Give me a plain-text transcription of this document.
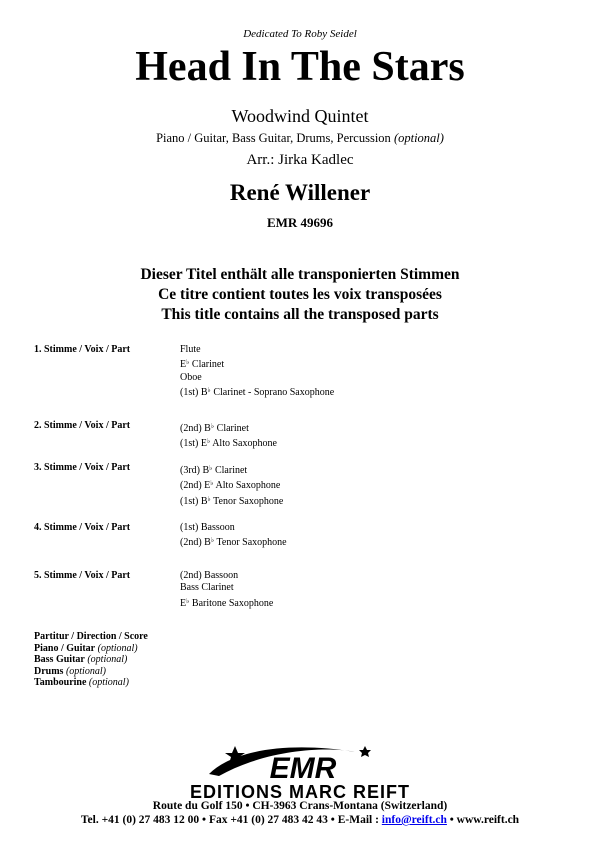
Dedicated To Roby Seidel
Head In The Stars
Woodwind Quintet
Piano / Guitar, Bass Guitar, Drums, Percussion (optional)
Arr.: Jirka Kadlec
René Willener
EMR 49696
Dieser Titel enthält alle transponierten Stimmen
Ce titre contient toutes les voix transposées
This title contains all the transposed parts
1. Stimme / Voix / Part	Flute
E♭ Clarinet
Oboe
(1st) B♭ Clarinet - Soprano Saxophone
2. Stimme / Voix / Part	(2nd) B♭ Clarinet
(1st) E♭ Alto Saxophone
3. Stimme / Voix / Part	(3rd) B♭ Clarinet
(2nd) E♭ Alto Saxophone
(1st) B♭ Tenor Saxophone
4. Stimme / Voix / Part	(1st) Bassoon
(2nd) B♭ Tenor Saxophone
5. Stimme / Voix / Part	(2nd) Bassoon
Bass Clarinet
E♭ Baritone Saxophone
Partitur / Direction / Score
Piano / Guitar (optional)
Bass Guitar (optional)
Drums (optional)
Tambourine (optional)
EMR
EDITIONS MARC REIFT
Route du Golf 150 • CH-3963 Crans-Montana (Switzerland)
Tel. +41 (0) 27 483 12 00 • Fax +41 (0) 27 483 42 43 • E-Mail : info@reift.ch • www.reift.ch
